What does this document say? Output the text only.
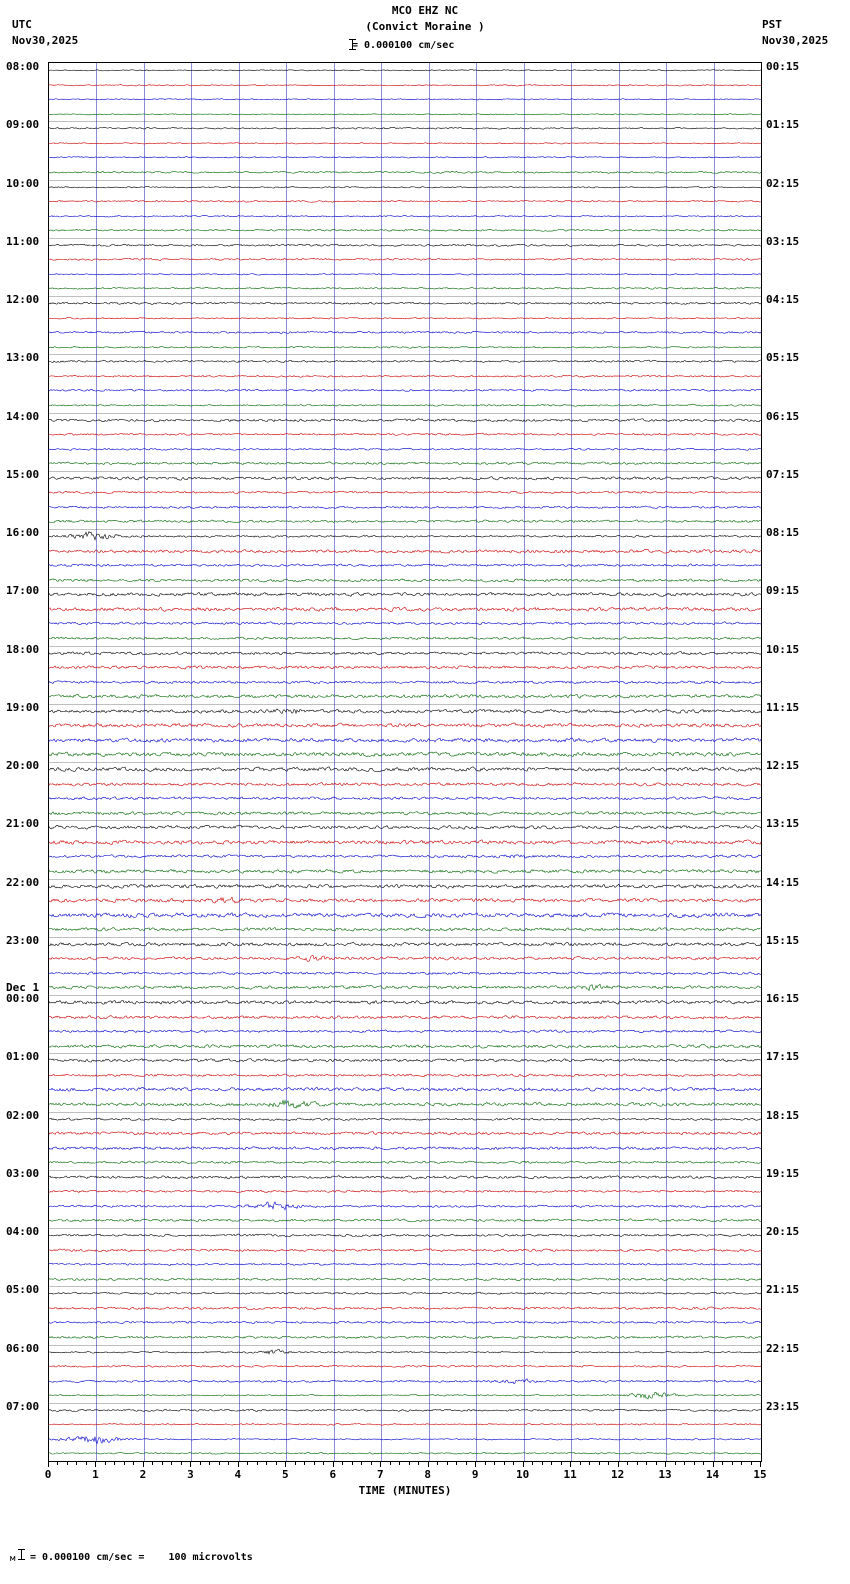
UTC
Nov30,2025
PST
Nov30,2025
MCO EHZ NC
(Convict Moraine )
= 0.000100 cm/sec
0	1	2	3	4	5	6	7	8	9	10	11	12	13	14	15
TIME (MINUTES)
м = 0.000100 cm/sec =    100 microvolts
08:00
09:00
10:00
11:00
12:00
13:00
14:00
15:00
16:00
17:00
18:00
19:00
20:00
21:00
22:00
23:00
Dec 1
00:00
01:00
02:00
03:00
04:00
05:00
06:00
07:00
00:15
01:15
02:15
03:15
04:15
05:15
06:15
07:15
08:15
09:15
10:15
11:15
12:15
13:15
14:15
15:15
16:15
17:15
18:15
19:15
20:15
21:15
22:15
23:15
